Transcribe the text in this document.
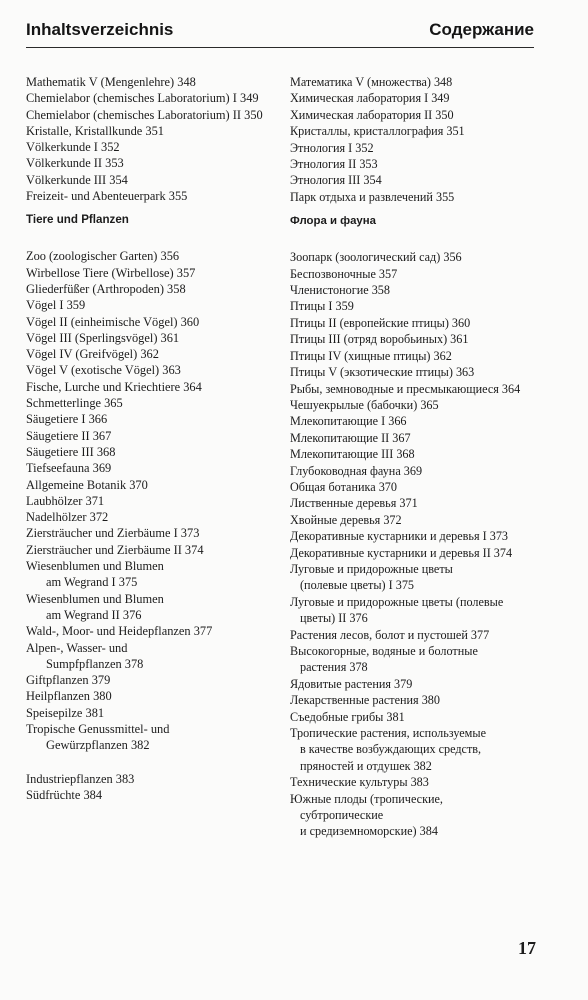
Inhaltsverzeichnis	Содержание
Mathematik V (Mengenlehre) 348
Chemielabor (chemisches Laboratorium) I 349
Chemielabor (chemisches Laboratorium) II 350
Kristalle, Kristallkunde 351
Völkerkunde I 352
Völkerkunde II 353
Völkerkunde III 354
Freizeit- und Abenteuerpark 355
Tiere und Pflanzen
Zoo (zoologischer Garten) 356
Wirbellose Tiere (Wirbellose) 357
Gliederfüßer (Arthropoden) 358
Vögel I 359
Vögel II (einheimische Vögel) 360
Vögel III (Sperlingsvögel) 361
Vögel IV (Greifvögel) 362
Vögel V (exotische Vögel) 363
Fische, Lurche und Kriechtiere 364
Schmetterlinge 365
Säugetiere I 366
Säugetiere II 367
Säugetiere III 368
Tiefseefauna 369
Allgemeine Botanik 370
Laubhölzer 371
Nadelhölzer 372
Ziersträucher und Zierbäume I 373
Ziersträucher und Zierbäume II 374
Wiesenblumen und Blumen
am Wegrand I 375
Wiesenblumen und Blumen
am Wegrand II 376
Wald-, Moor- und Heidepflanzen 377
Alpen-, Wasser- und
Sumpfpflanzen 378
Giftpflanzen 379
Heilpflanzen 380
Speisepilze 381
Tropische Genussmittel- und
Gewürzpflanzen 382
Industriepflanzen 383
Südfrüchte 384
Математика V (множества) 348
Химическая лаборатория I 349
Химическая лаборатория II 350
Кристаллы, кристаллография 351
Этнология I 352
Этнология II 353
Этнология III 354
Парк отдыха и развлечений 355
Флора и фауна
Зоопарк (зоологический сад) 356
Беспозвоночные 357
Членистоногие 358
Птицы I 359
Птицы II (европейские птицы) 360
Птицы III (отряд воробьиных) 361
Птицы IV (хищные птицы) 362
Птицы V (экзотические птицы) 363
Рыбы, земноводные и пресмыкающиеся 364
Чешуекрылые (бабочки) 365
Млекопитающие I 366
Млекопитающие II 367
Млекопитающие III 368
Глубоководная фауна 369
Общая ботаника 370
Лиственные деревья 371
Хвойные деревья 372
Декоративные кустарники и деревья I 373
Декоративные кустарники и деревья II 374
Луговые и придорожные цветы
(полевые цветы) I 375
Луговые и придорожные цветы (полевые
цветы) II 376
Растения лесов, болот и пустошей 377
Высокогорные, водяные и болотные
растения 378
Ядовитые растения 379
Лекарственные растения 380
Съедобные грибы 381
Тропические растения, используемые
в качестве возбуждающих средств,
пряностей и отдушек 382
Технические культуры 383
Южные плоды (тропические,
субтропические
и средиземноморские) 384
17
